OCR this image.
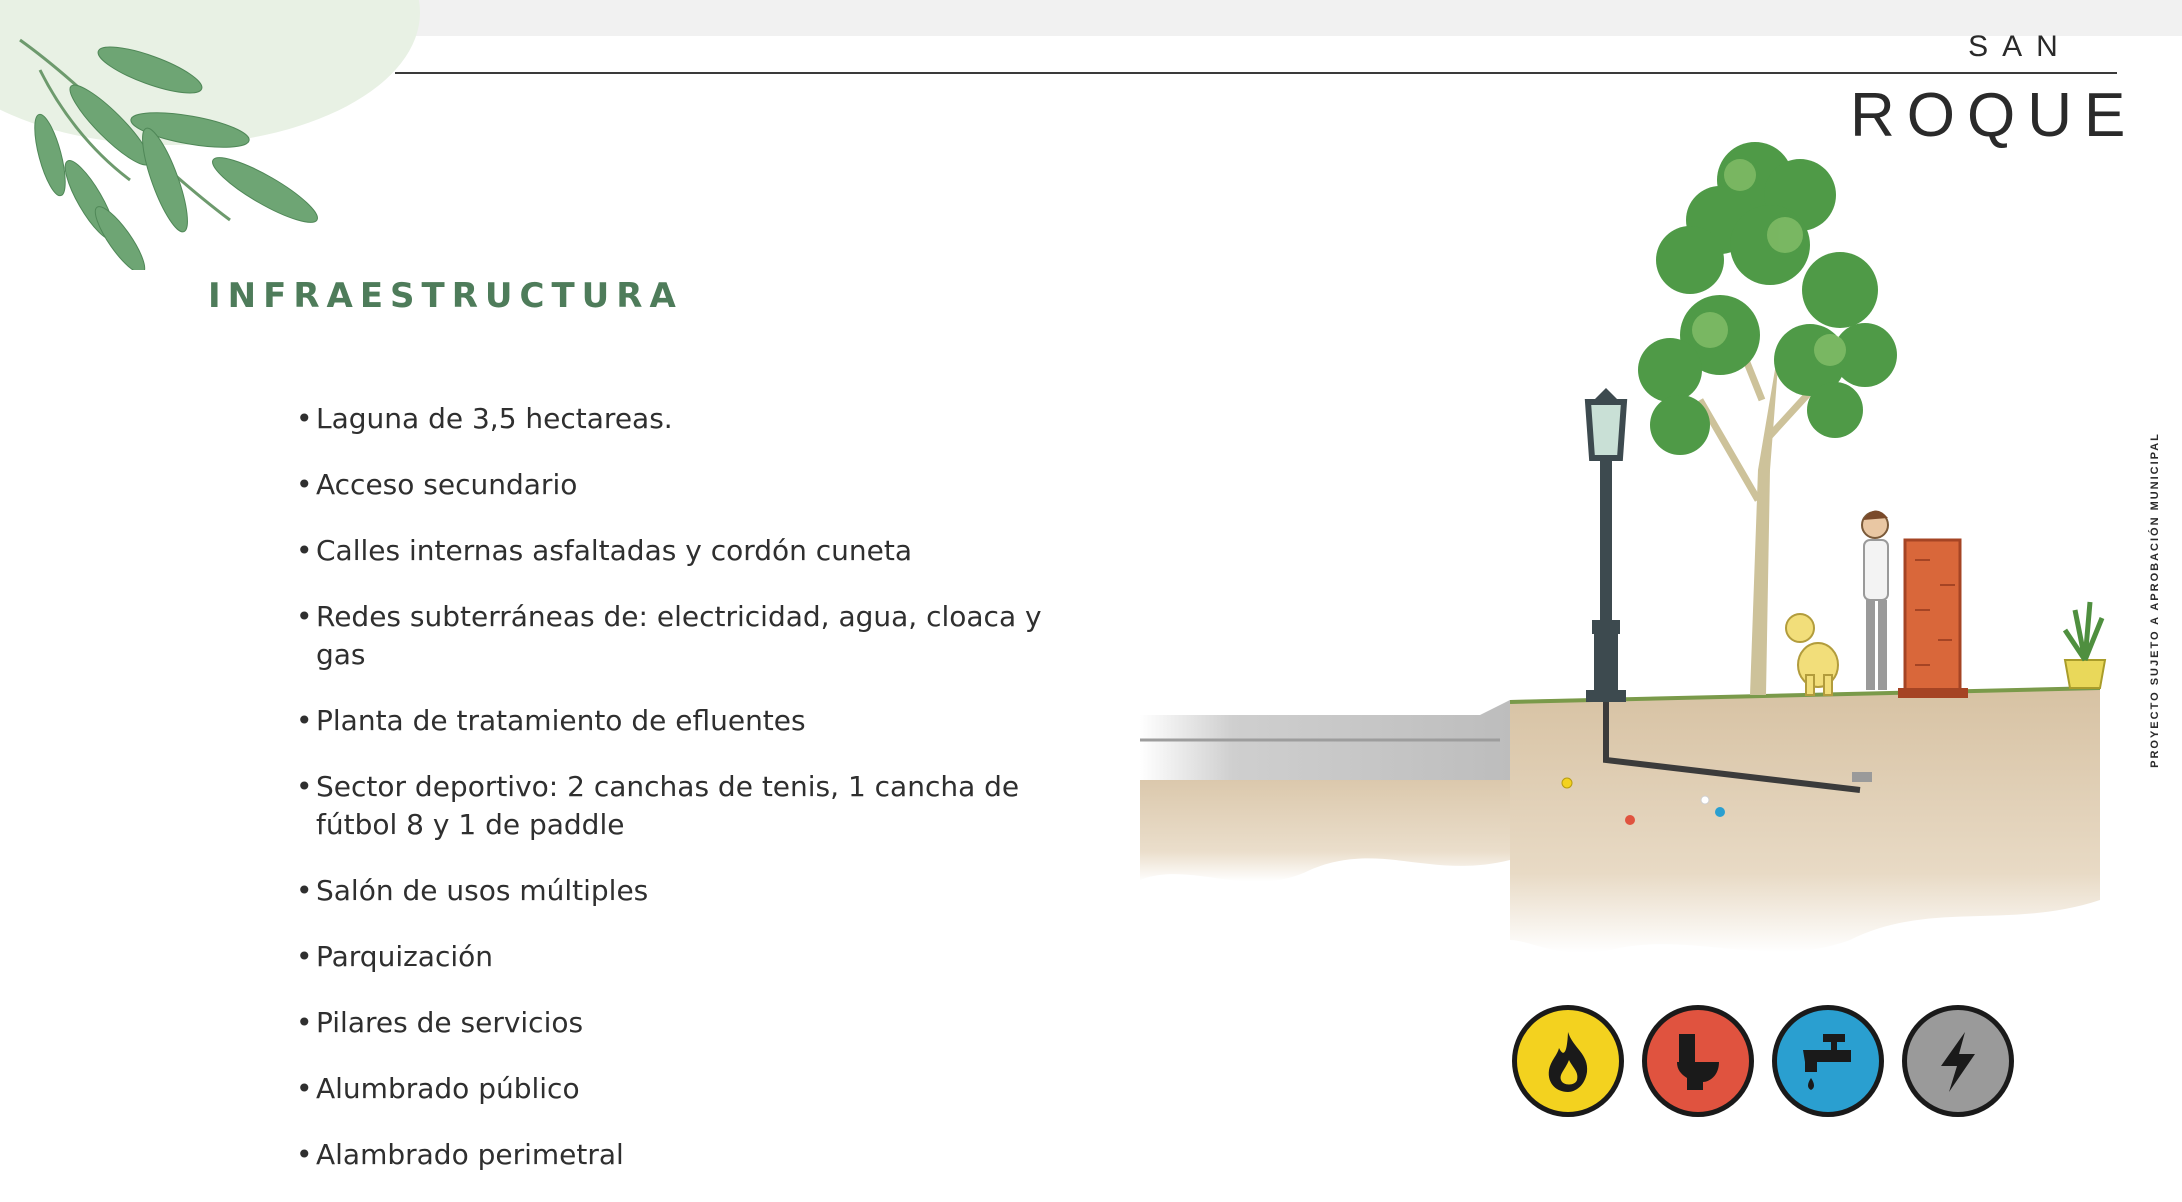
SAN
ROQUE
INFRAESTRUCTURA
• Laguna de 3,5 hectareas.
• Acceso secundario
• Calles internas asfaltadas y cordón cuneta
• Redes subterráneas de: electricidad, agua, cloaca y gas
• Planta de tratamiento de efluentes
• Sector deportivo: 2 canchas de tenis, 1 cancha de fútbol 8 y 1 de paddle
• Salón de usos múltiples
• Parquización
• Pilares de servicios
• Alumbrado público
• Alambrado perimetral
PROYECTO SUJETO A APROBACIÓN MUNICIPAL
